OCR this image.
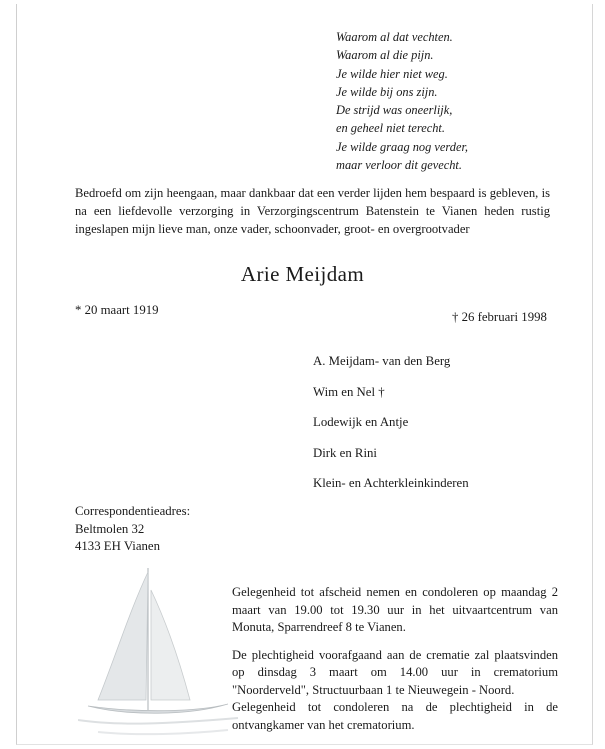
Waarom al dat vechten.
Waarom al die pijn.
Je wilde hier niet weg.
Je wilde bij ons zijn.
De strijd was oneerlijk,
en geheel niet terecht.
Je wilde graag nog verder,
maar verloor dit gevecht.
Bedroefd om zijn heengaan, maar dankbaar dat een verder lijden hem bespaard is gebleven, is na een liefdevolle verzorging in Verzorgingscentrum Batenstein te Vianen heden rustig ingeslapen mijn lieve man, onze vader, schoonvader, groot- en overgrootvader
Arie Meijdam
* 20 maart 1919	† 26 februari 1998
A. Meijdam- van den Berg
Wim en Nel †
Lodewijk en Antje
Dirk en Rini
Klein- en Achterkleinkinderen
Correspondentieadres:
Beltmolen 32
4133 EH Vianen

Gelegenheid tot afscheid nemen en condoleren op maandag 2 maart van 19.00 tot 19.30 uur in het uitvaartcentrum van Monuta, Sparrendreef 8 te Vianen.

De plechtigheid voorafgaand aan de crematie zal plaatsvinden op dinsdag 3 maart om 14.00 uur in crematorium "Noorderveld", Structuurbaan 1 te Nieuwegein - Noord.

Gelegenheid tot condoleren na de plechtigheid in de ontvangkamer van het crematorium.
